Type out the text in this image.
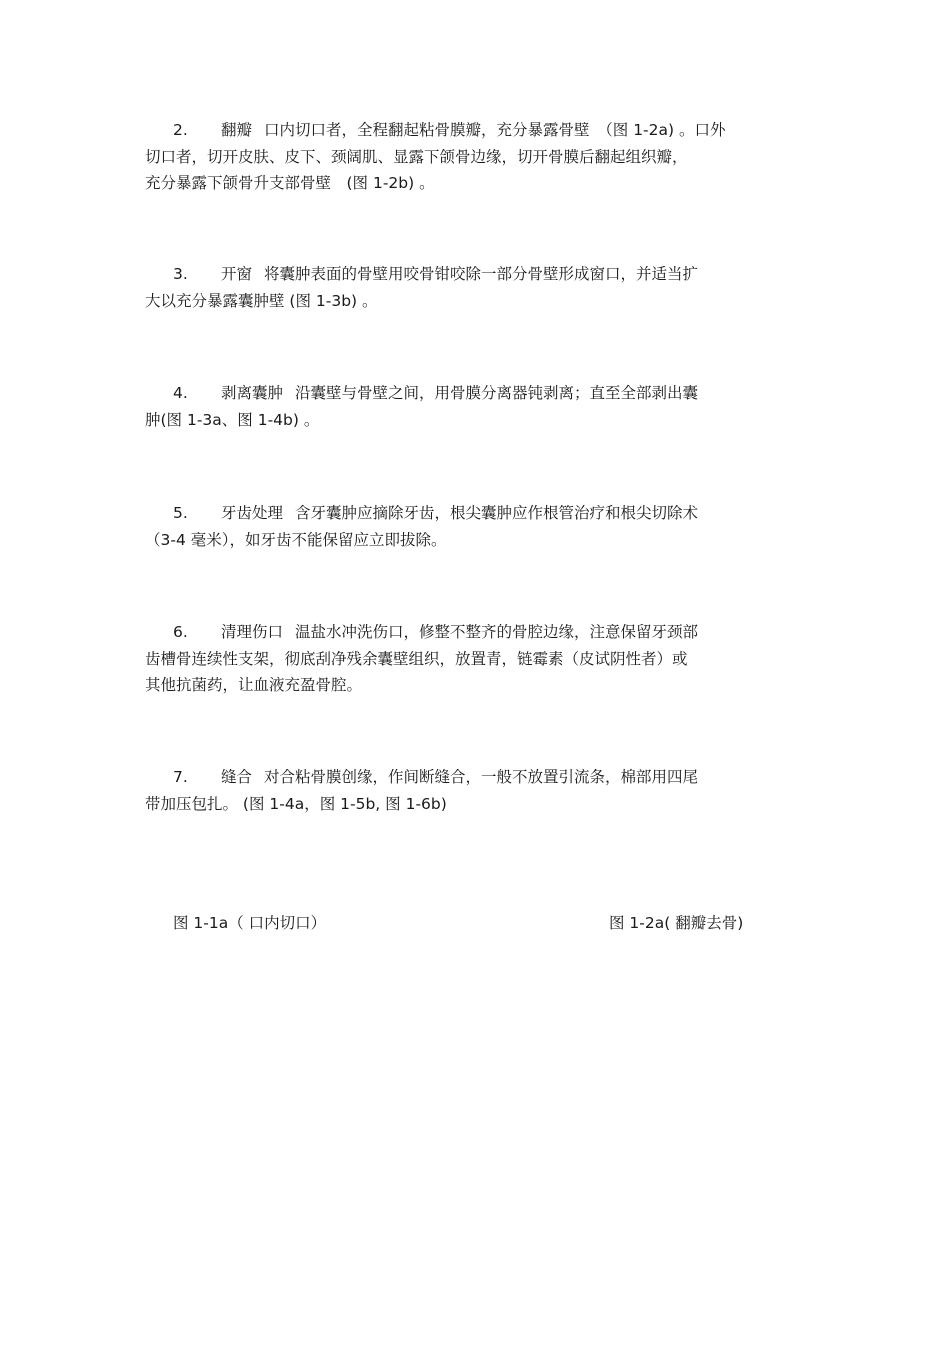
2. 翻瓣 口内切口者，全程翻起粘骨膜瓣，充分暴露骨壁　（图 1-2a) 。口外
切口者，切开皮肤、皮下、颈阔肌、显露下颌骨边缘，切开骨膜后翻起组织瓣，
充分暴露下颌骨升支部骨壁　(图 1-2b) 。
3. 开窗 将囊肿表面的骨壁用咬骨钳咬除一部分骨壁形成窗口，并适当扩
大以充分暴露囊肿壁 (图 1-3b) 。
4. 剥离囊肿 沿囊壁与骨壁之间，用骨膜分离器钝剥离；直至全部剥出囊
肿(图 1-3a、图 1-4b) 。
5. 牙齿处理 含牙囊肿应摘除牙齿，根尖囊肿应作根管治疗和根尖切除术
（3-4 毫米），如牙齿不能保留应立即拔除。
6. 清理伤口 温盐水冲洗伤口，修整不整齐的骨腔边缘，注意保留牙颈部
齿槽骨连续性支架，彻底刮净残余囊壁组织，放置青，链霉素（皮试阴性者）或
其他抗菌药，让血液充盈骨腔。
7. 缝合 对合粘骨膜创缘，作间断缝合，一般不放置引流条，棉部用四尾
带加压包扎。 (图 1-4a，图 1-5b, 图 1-6b)
图 1-1a（ 口内切口）	图 1-2a( 翻瓣去骨)
